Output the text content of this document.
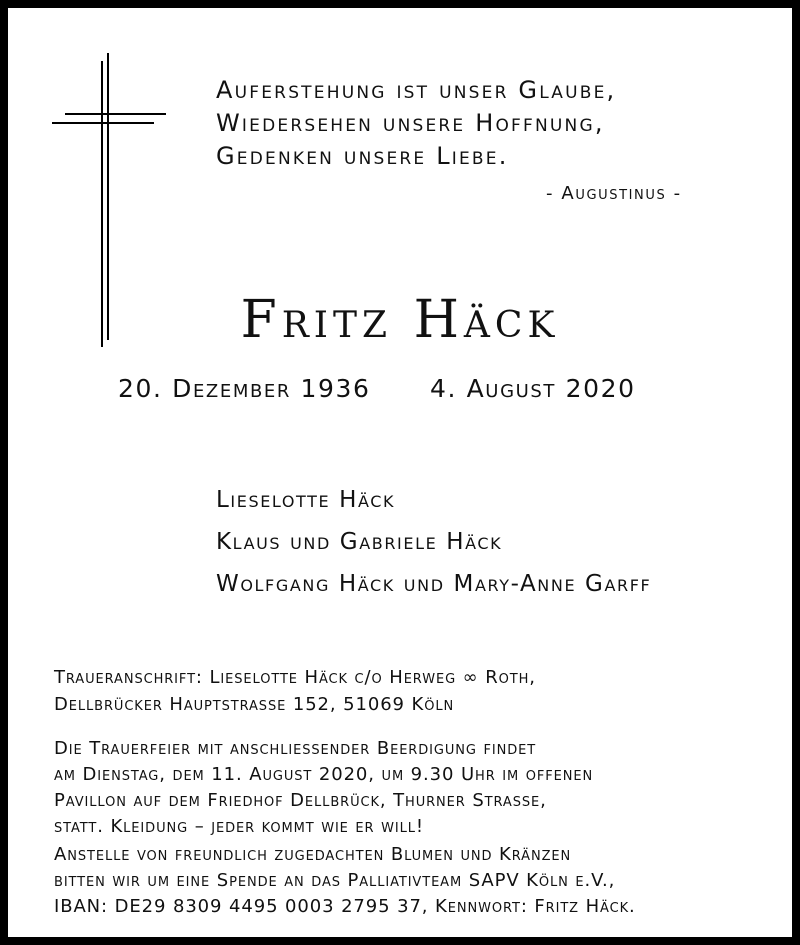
Auferstehung ist unser Glaube,
Wiedersehen unsere Hoffnung,
Gedenken unsere Liebe.
- Augustinus -
Fritz Häck
20. Dezember 1936 4. August 2020
Lieselotte Häck
Klaus und Gabriele Häck
Wolfgang Häck und Mary-Anne Garff
Traueranschrift: Lieselotte Häck c/o Herweg ∞ Roth,
Dellbrücker Hauptstrasse 152, 51069 Köln
Die Trauerfeier mit anschliessender Beerdigung findet
am Dienstag, dem 11. August 2020, um 9.30 Uhr im offenen
Pavillon auf dem Friedhof Dellbrück, Thurner Strasse,
statt. Kleidung – jeder kommt wie er will!
Anstelle von freundlich zugedachten Blumen und Kränzen
bitten wir um eine Spende an das Palliativteam SAPV Köln e.V.,
IBAN: DE29 8309 4495 0003 2795 37, Kennwort: Fritz Häck.
